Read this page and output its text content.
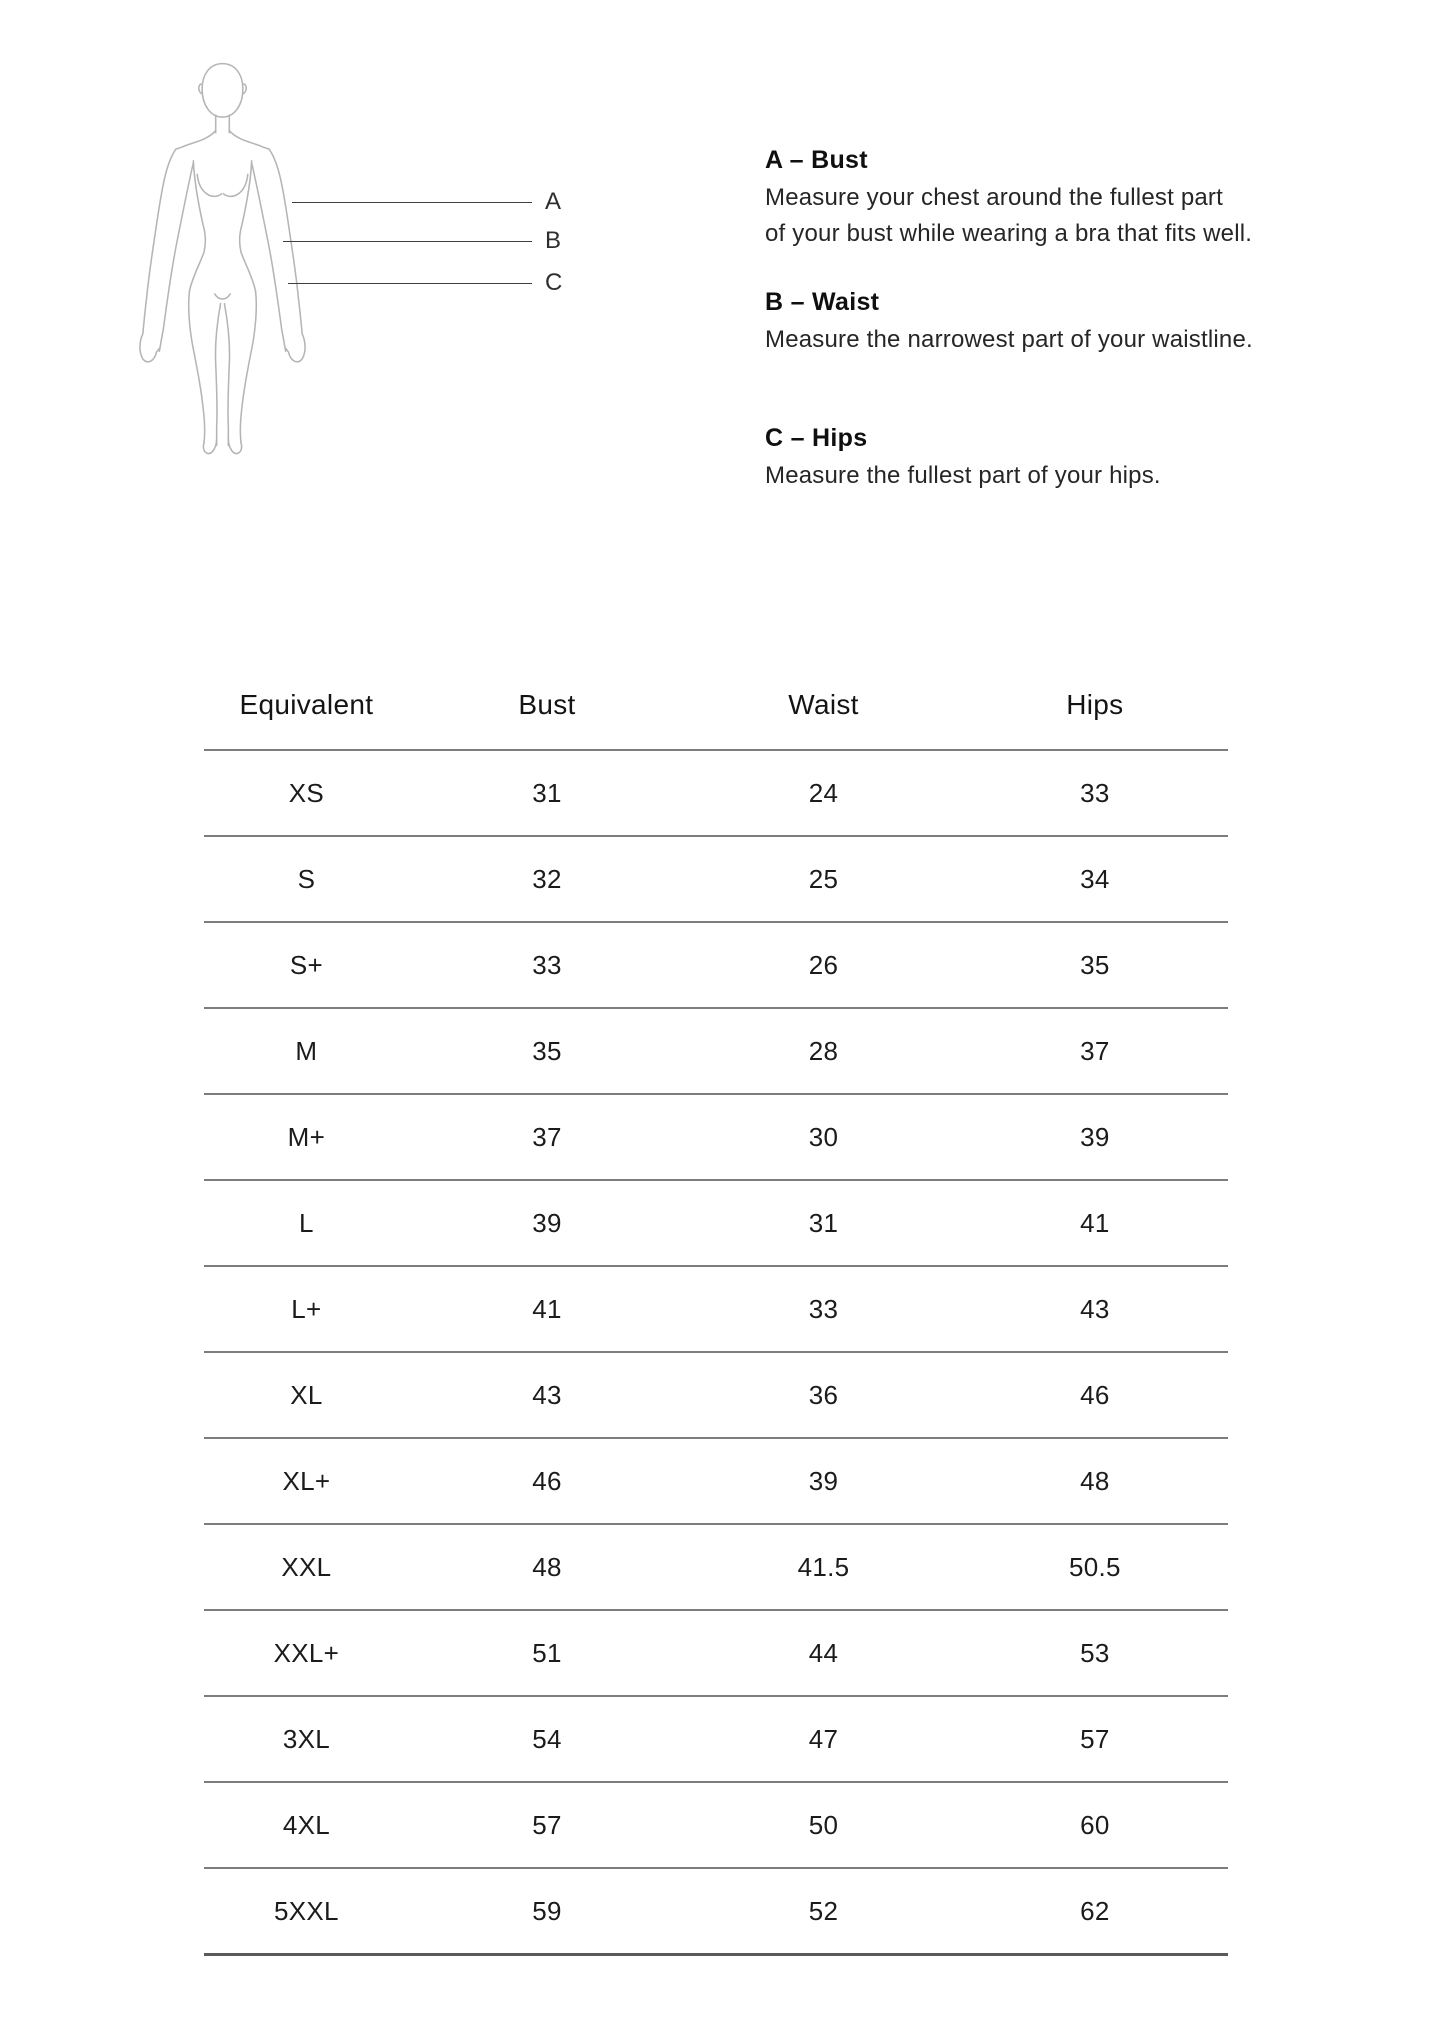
A
B
C

A – Bust

Measure your chest around the fullest part

of your bust while wearing a bra that fits well.

B – Waist

Measure the narrowest part of your waistline.

C – Hips

Measure the fullest part of your hips.

Equivalent	Bust	Waist	Hips
XS	31	24	33
S	32	25	34
S+	33	26	35
M	35	28	37
M+	37	30	39
L	39	31	41
L+	41	33	43
XL	43	36	46
XL+	46	39	48
XXL	48	41.5	50.5
XXL+	51	44	53
3XL	54	47	57
4XL	57	50	60
5XXL	59	52	62
